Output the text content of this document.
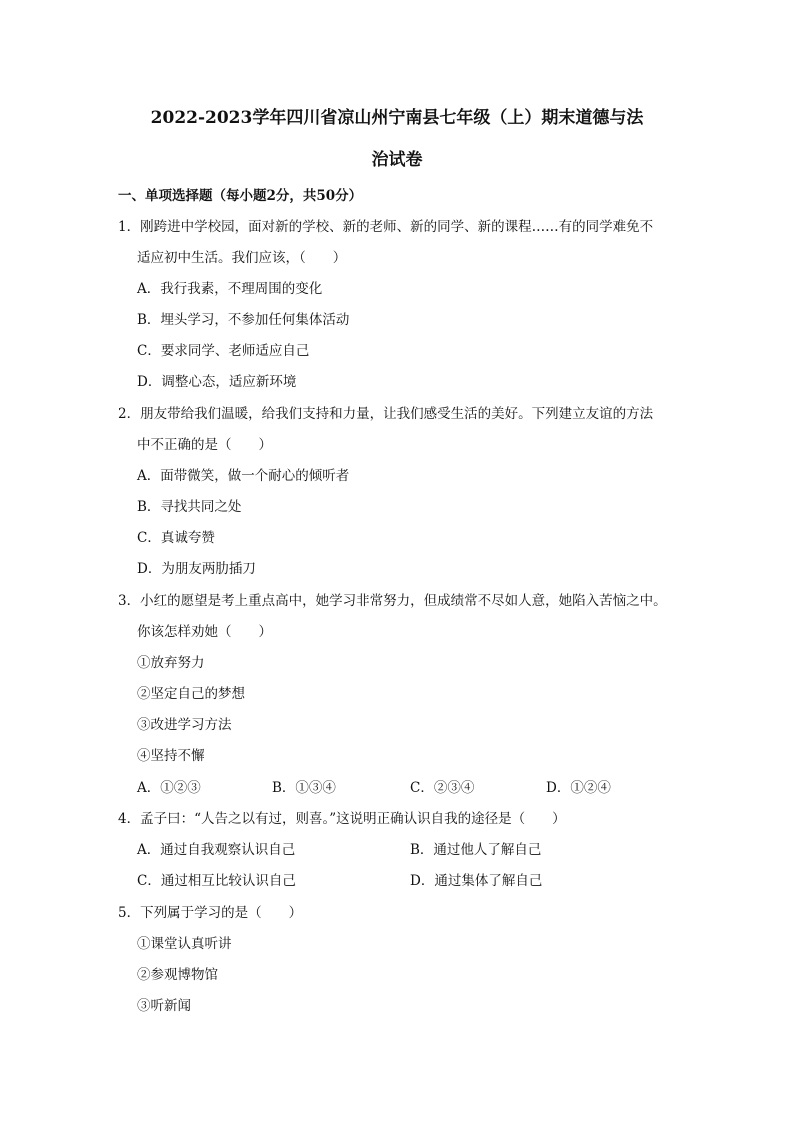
2022-2023学年四川省凉山州宁南县七年级（上）期末道德与法
治试卷
一、单项选择题（每小题2分，共50分）
1．刚跨进中学校园，面对新的学校、新的老师、新的同学、新的课程……有的同学难免不
适应初中生活。我们应该，（　　）
A．我行我素，不理周围的变化
B．埋头学习，不参加任何集体活动
C．要求同学、老师适应自己
D．调整心态，适应新环境
2．朋友带给我们温暖，给我们支持和力量，让我们感受生活的美好。下列建立友谊的方法
中不正确的是（　　）
A．面带微笑，做一个耐心的倾听者
B．寻找共同之处
C．真诚夸赞
D．为朋友两肋插刀
3．小红的愿望是考上重点高中，她学习非常努力，但成绩常不尽如人意，她陷入苦恼之中。
你该怎样劝她（　　）
①放弃努力
②坚定自己的梦想
③改进学习方法
④坚持不懈
A．①②③	B．①③④	C．②③④	D．①②④
4．孟子曰：“人告之以有过，则喜。”这说明正确认识自我的途径是（　　）
A．通过自我观察认识自己	B．通过他人了解自己
C．通过相互比较认识自己	D．通过集体了解自己
5．下列属于学习的是（　　）
①课堂认真听讲
②参观博物馆
③听新闻
